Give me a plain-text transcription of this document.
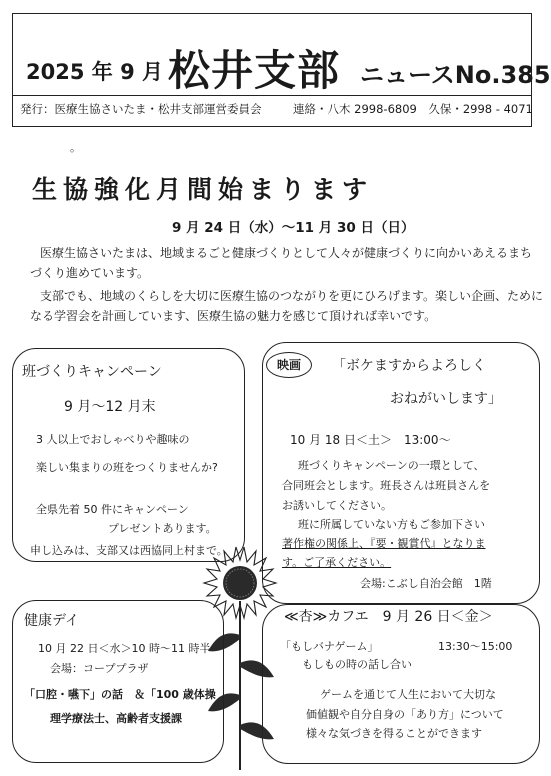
2025 年 9 月 松井支部 ニュースNo.385
発行：医療生協さいたま・松井支部運営委員会	連絡・八木 2998-6809　久保・2998 - 4071
。
生協強化月間始まります
9 月 24 日（水）～11 月 30 日（日）
医療生協さいたまは、地域まるごと健康づくりとして人々が健康づくりに向かいあえるまち
づくり進めています。
支部でも、地域のくらしを大切に医療生協のつながりを更にひろげます。楽しい企画、ために
なる学習会を計画しています、医療生協の魅力を感じて頂ければ幸いです。
班づくりキャンペーン
9 月～12 月末
3 人以上でおしゃべりや趣味の
楽しい集まりの班をつくりませんか?
全県先着 50 件にキャンペーン
プレゼントあります。
申し込みは、支部又は西協同上村まで。
映画	「ボケますからよろしく
おねがいします」
10 月 18 日＜土＞　13:00～
班づくりキャンペーンの一環として、
合同班会とします。班長さんは班員さんを
お誘いしてください。
班に所属していない方もご参加下さい
著作権の関係上、『要・観賞代』となりま
す。ご了承ください。
会場:こぶし自治会館　1階
健康デイ
10 月 22 日＜水＞10 時～11 時半
会場：コーププラザ
「口腔・嚥下」の話　＆「100 歳体操
理学療法士、高齢者支援課
≪杏≫カフエ　9 月 26 日＜金＞
「もしバナゲーム」	13:30～15:00
もしもの時の話し合い
ゲームを通じて人生において大切な
価値観や自分自身の「あり方」について
様々な気づきを得ることができます
